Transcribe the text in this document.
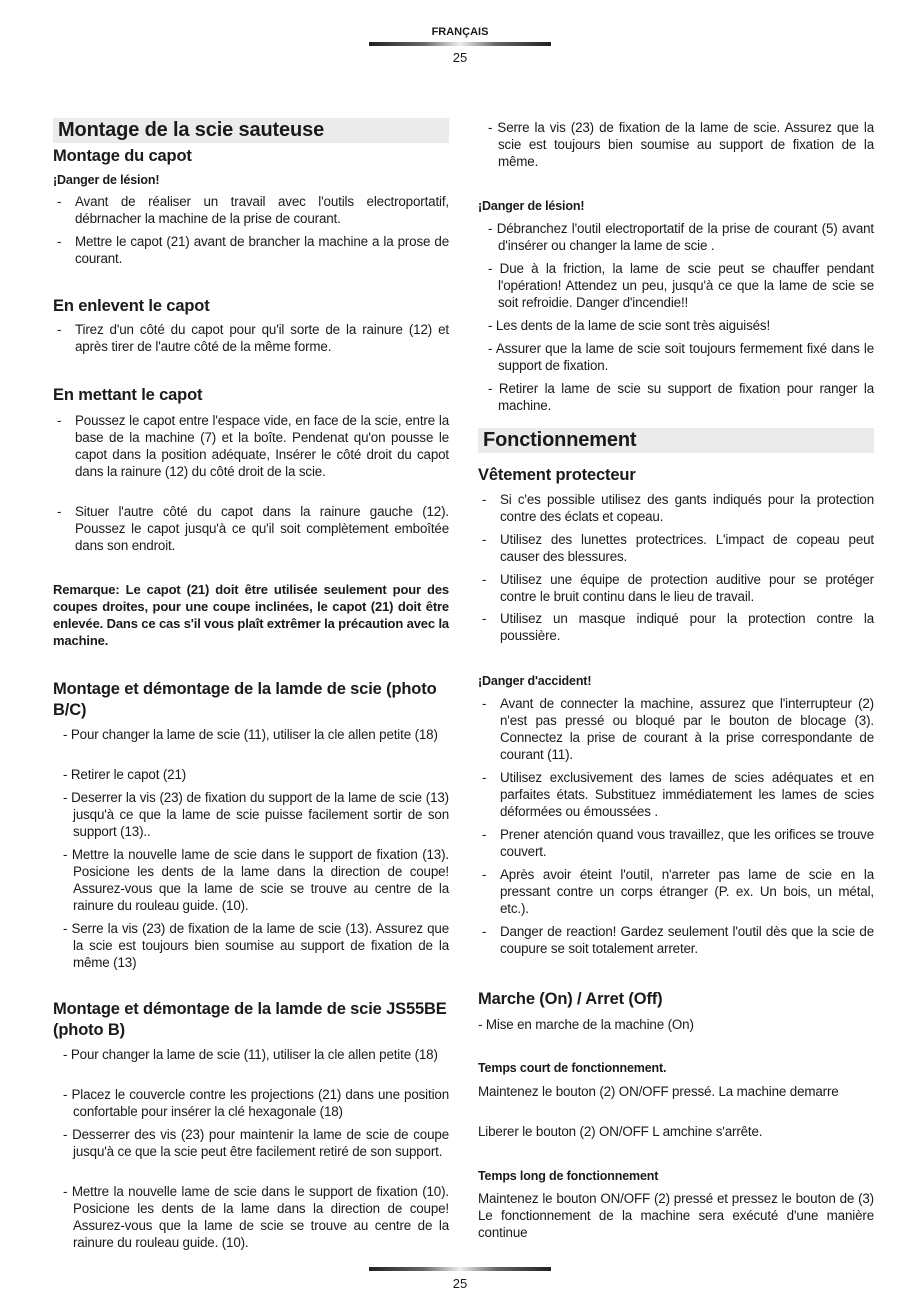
FRANÇAIS
25
Montage de la scie sauteuse
Montage du capot
¡Danger de lésion!
- Avant de réaliser un travail avec l'outils electroportatif, débrnacher la machine de la prise de courant.
- Mettre le capot (21) avant de brancher la machine a la prose de courant.
En enlevent le capot
- Tirez d'un côté du capot pour qu'il sorte de la rainure (12) et après tirer de l'autre côté de la même forme.
En mettant le capot
- Poussez le capot entre l'espace vide, en face de la scie, entre la base de la machine (7) et la boîte. Pendenat qu'on pousse le capot dans la position adéquate, Insérer le côté droit du capot dans la rainure (12) du côté droit de la scie.
- Situer l'autre côté du capot dans la rainure gauche (12). Poussez le capot jusqu'à ce qu'il soit complètement emboîtée dans son endroit.
Remarque: Le capot (21) doit être utilisée seulement pour des coupes droites, pour une coupe inclinées, le capot (21) doit être enlevée. Dans ce cas s'il vous plaît extrêmer la précaution avec la machine.
Montage et démontage de la lamde de scie (photo B/C)
- Pour changer la lame de scie (11), utiliser la cle allen petite (18)
- Retirer le capot (21)
- Deserrer la vis (23) de fixation du support de la lame de scie (13) jusqu'à ce que la lame de scie puisse facilement sortir de son support (13)..
- Mettre la nouvelle lame de scie dans le support de fixation (13). Posicione les dents de la lame dans la direction de coupe! Assurez-vous que la lame de scie se trouve au centre de la rainure du rouleau guide. (10).
- Serre la vis (23) de fixation de la lame de scie (13). Assurez que la scie est toujours bien soumise au support de fixation de la même (13)
Montage et démontage de la lamde de scie JS55BE (photo B)
- Pour changer la lame de scie (11), utiliser la cle allen petite (18)
- Placez le couvercle contre les projections (21) dans une position confortable pour insérer la clé hexagonale (18)
- Desserrer des vis (23) pour maintenir la lame de scie de coupe jusqu'à ce que la scie peut être facilement retiré de son support.
- Mettre la nouvelle lame de scie dans le support de fixation (10). Posicione les dents de la lame dans la direction de coupe! Assurez-vous que la lame de scie se trouve au centre de la rainure du rouleau guide. (10).
- Serre la vis (23) de fixation de la lame de scie. Assurez que la scie est toujours bien soumise au support de fixation de la même.
¡Danger de lésion!
- Débranchez l'outil electroportatif de la prise de courant (5) avant d'insérer ou changer la lame de scie .
- Due à la friction, la lame de scie peut se chauffer pendant l'opération! Attendez un peu, jusqu'à ce que la lame de scie se soit refroidie. Danger d'incendie!!
- Les dents de la lame de scie sont très aiguisés!
- Assurer que la lame de scie soit toujours fermement fixé dans le support de fixation.
- Retirer la lame de scie su support de fixation pour ranger la machine.
Fonctionnement
Vêtement protecteur
- Si c'es possible utilisez des gants indiqués pour la protection contre des éclats et copeau.
- Utilisez des lunettes protectrices. L'impact de copeau peut causer des blessures.
- Utilisez une équipe de protection auditive pour se protéger contre le bruit continu dans le lieu de travail.
- Utilisez un masque indiqué pour la protection contre la poussière.
¡Danger d'accident!
- Avant de connecter la machine, assurez que l'interrupteur (2) n'est pas pressé ou bloqué par le bouton de blocage (3). Connectez la prise de courant à la prise correspondante de courant (11).
- Utilisez exclusivement des lames de scies adéquates et en parfaites états. Substituez immédiatement les lames de scies déformées ou émoussées .
- Prener atención quand vous travaillez, que les orifices se trouve couvert.
- Après avoir éteint l'outil, n'arreter pas lame de scie en la pressant contre un corps étranger (P. ex. Un bois, un métal, etc.).
- Danger de reaction! Gardez seulement l'outil dès que la scie de coupure se soit totalement arreter.
Marche (On) / Arret (Off)
- Mise en marche de la machine (On)
Temps court de fonctionnement.
Maintenez le bouton (2) ON/OFF pressé. La machine demarre
Liberer le bouton (2) ON/OFF L amchine s'arrête.
Temps long de fonctionnement
Maintenez le bouton ON/OFF (2) pressé et pressez le bouton de (3) Le fonctionnement de la machine sera exécuté d'une manière continue
25
